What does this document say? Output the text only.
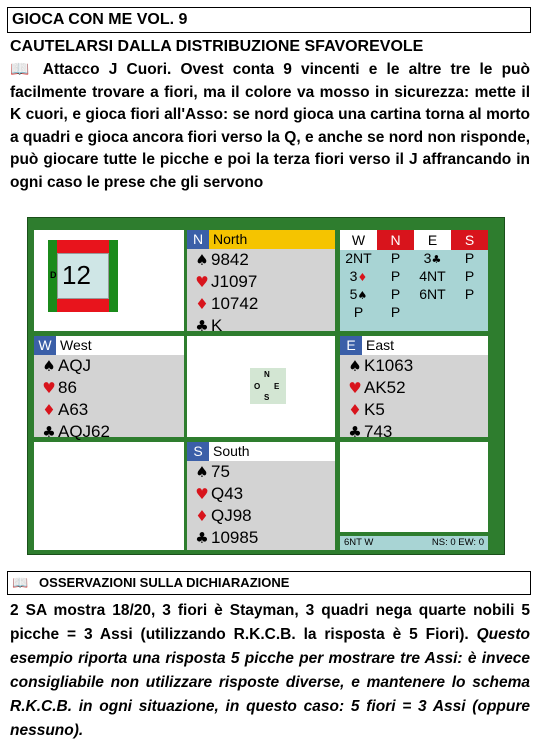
GIOCA CON ME VOL. 9
CAUTELARSI DALLA DISTRIBUZIONE SFAVOREVOLE
📖 Attacco J Cuori. Ovest conta 9 vincenti e le altre tre le può facilmente trovare a fiori, ma il colore va mosso in sicurezza: mette il K cuori, e gioca fiori all'Asso: se nord gioca una cartina torna al morto a quadri e gioca ancora fiori verso la Q, e anche se nord non risponde, può giocare tutte le picche e poi la terza fiori verso il J affrancando in ogni caso le prese che gli servono
D 12
N North
♠ 9842
♥ J1097
♦ 10742
♣ K
W	N	E	S
2NT	P	3♣	P
3♦	P	4NT	P
5♠	P	6NT	P
P	P
W West
♠ AQJ
♥ 86
♦ A63
♣ AQJ62
N
O E
S
E East
♠ K1063
♥ AK52
♦ K5
♣ 743
S South
♠ 75
♥ Q43
♦ QJ98
♣ 10985	6NT W	NS: 0 EW: 0
📖 OSSERVAZIONI SULLA DICHIARAZIONE
2 SA mostra 18/20, 3 fiori è Stayman, 3 quadri nega quarte nobili 5 picche = 3 Assi (utilizzando R.K.C.B. la risposta è 5 Fiori). Questo esempio riporta una risposta 5 picche per mostrare tre Assi: è invece consigliabile non utilizzare risposte diverse, e mantenere lo schema R.K.C.B. in ogni situazione, in questo caso: 5 fiori = 3 Assi (oppure nessuno).
